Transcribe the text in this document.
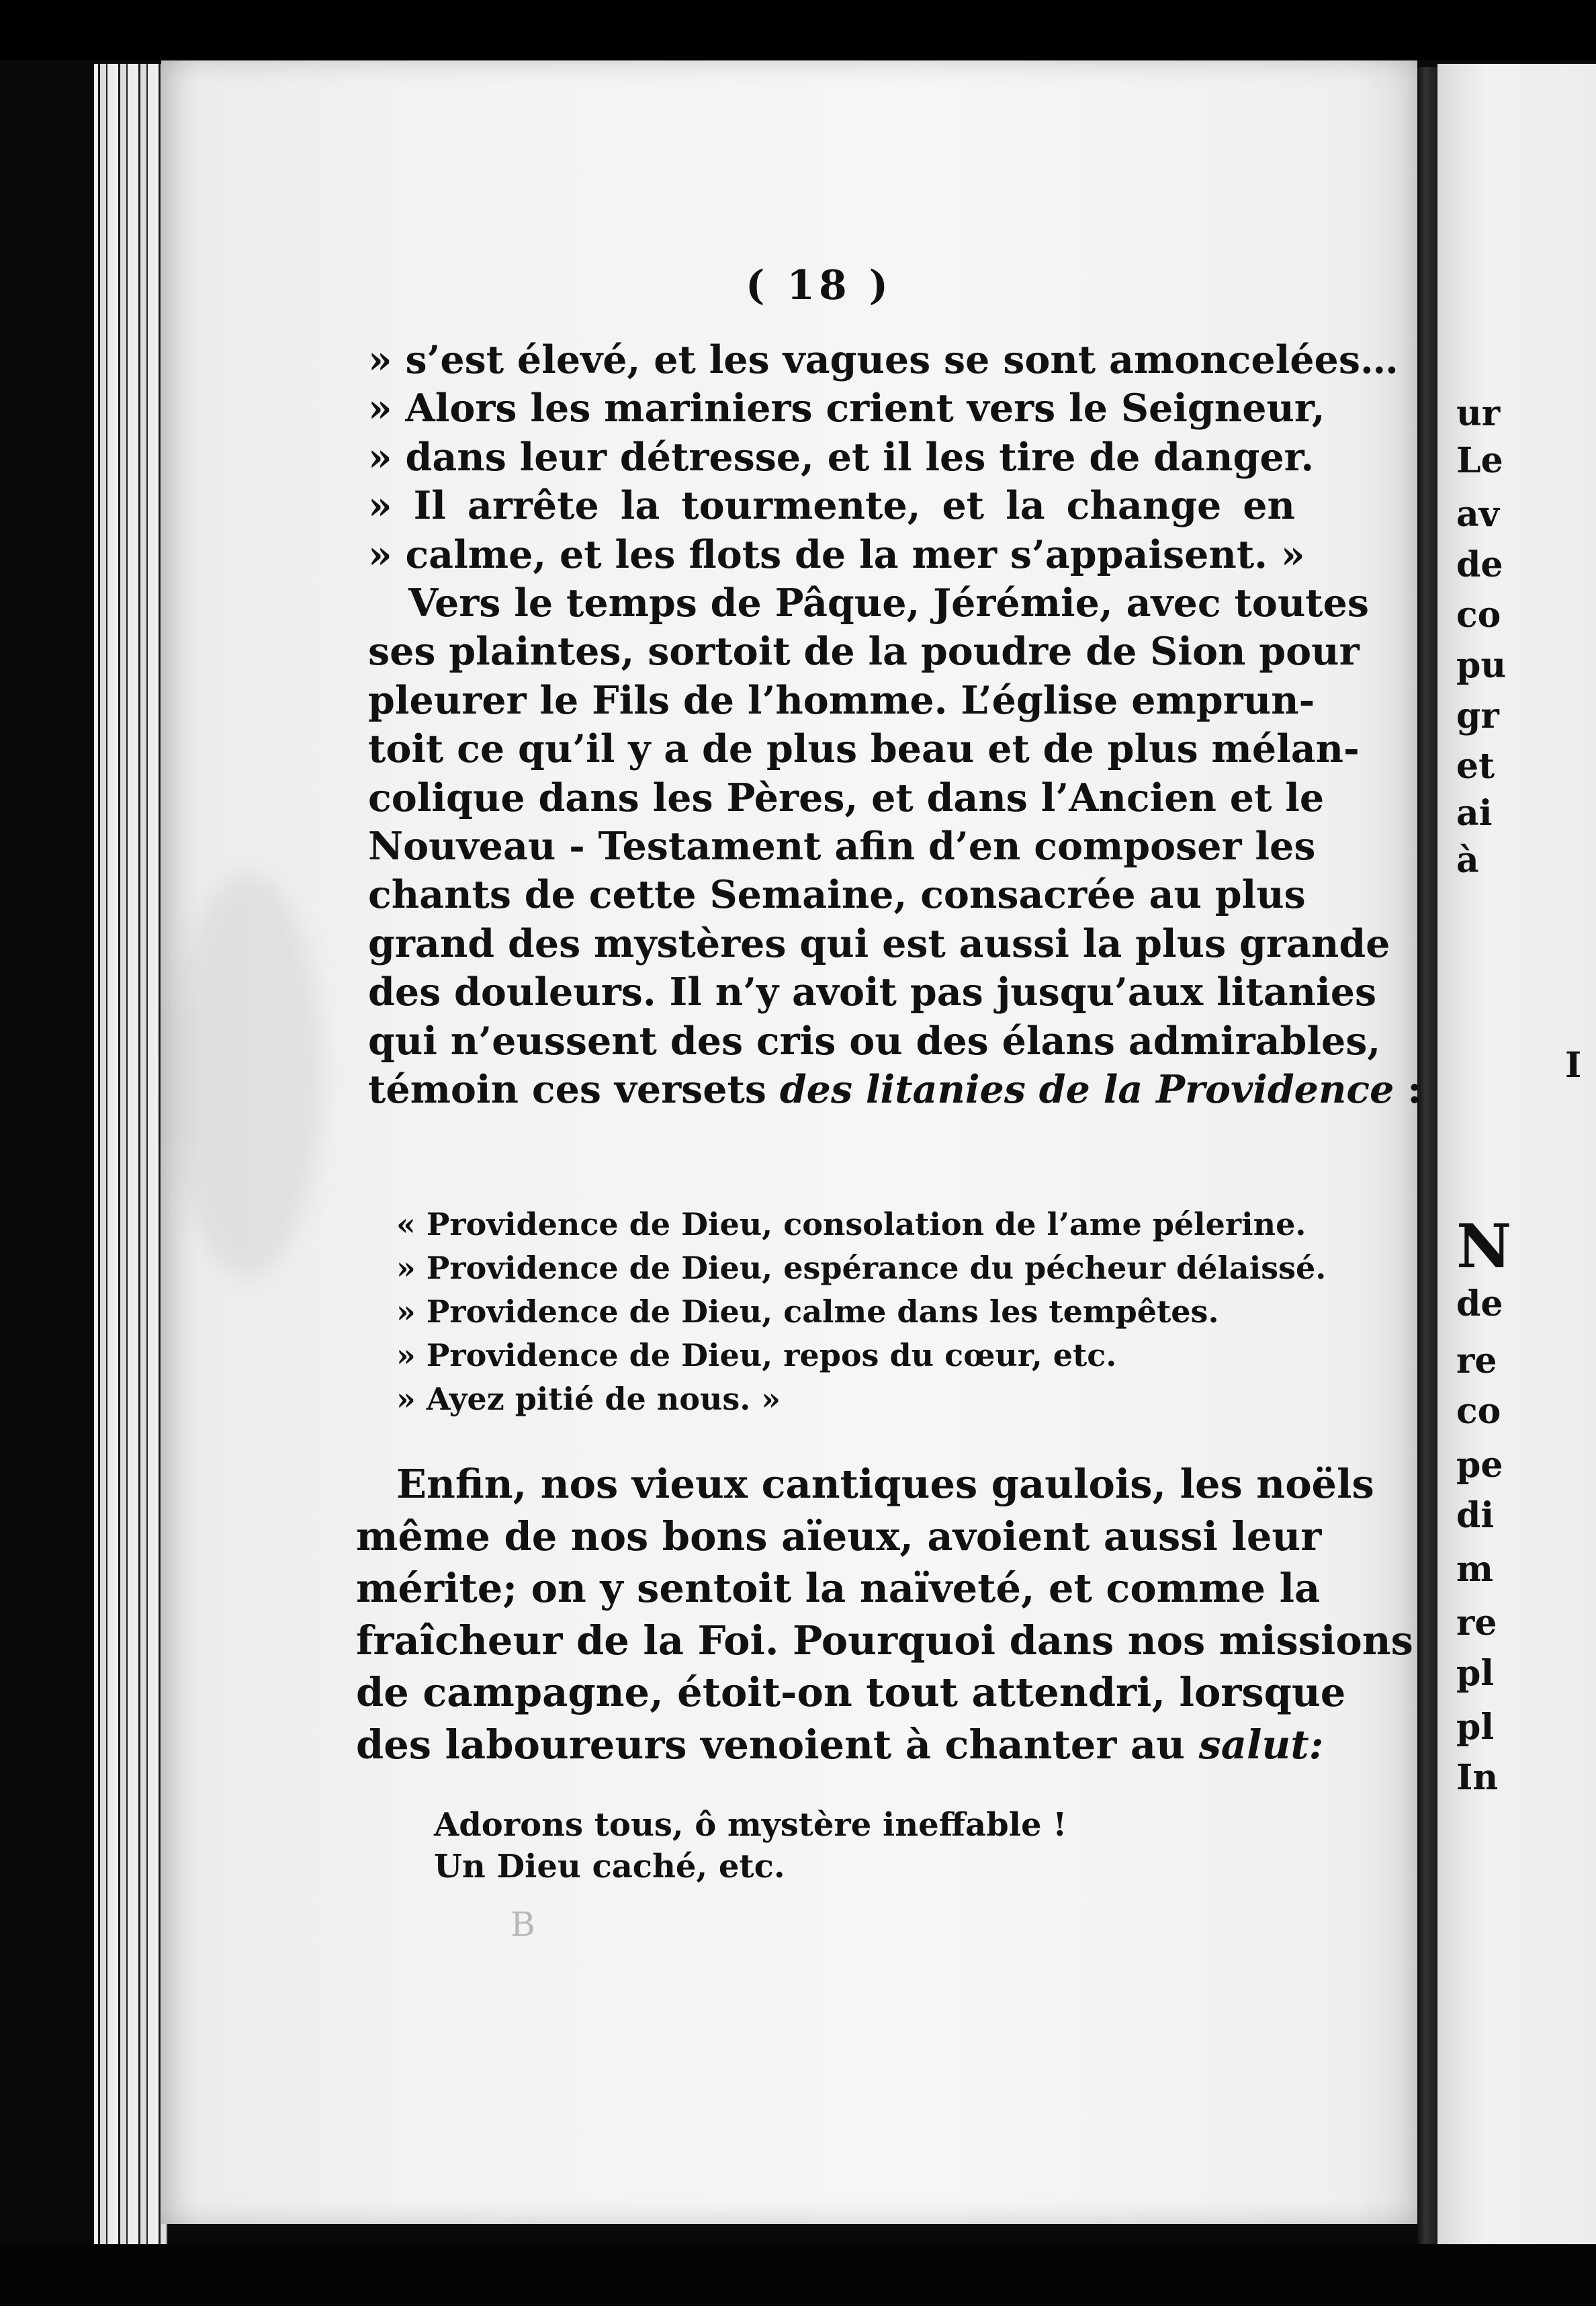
ur
Le
av
de
co
pu
gr
et
ai
à
I
N
de
re
co
pe
di
m
re
pl
pl
In
( 18 )
» s’est élevé, et les vagues se sont amoncelées…
» Alors les mariniers crient vers le Seigneur,
» dans leur détresse, et il les tire de danger.
» Il arrête la tourmente, et la change en
» calme, et les flots de la mer s’appaisent. »
Vers le temps de Pâque, Jérémie, avec toutes
ses plaintes, sortoit de la poudre de Sion pour
pleurer le Fils de l’homme. L’église emprun-
toit ce qu’il y a de plus beau et de plus mélan-
colique dans les Pères, et dans l’Ancien et le
Nouveau - Testament afin d’en composer les
chants de cette Semaine, consacrée au plus
grand des mystères qui est aussi la plus grande
des douleurs. Il n’y avoit pas jusqu’aux litanies
qui n’eussent des cris ou des élans admirables,
témoin ces versets des litanies de la Providence :
« Providence de Dieu, consolation de l’ame pélerine.
» Providence de Dieu, espérance du pécheur délaissé.
» Providence de Dieu, calme dans les tempêtes.
» Providence de Dieu, repos du cœur, etc.
» Ayez pitié de nous. »
Enfin, nos vieux cantiques gaulois, les noëls
même de nos bons aïeux, avoient aussi leur
mérite; on y sentoit la naïveté, et comme la
fraîcheur de la Foi. Pourquoi dans nos missions
de campagne, étoit-on tout attendri, lorsque
des laboureurs venoient à chanter au salut:
Adorons tous, ô mystère ineffable !
Un Dieu caché, etc.
B
